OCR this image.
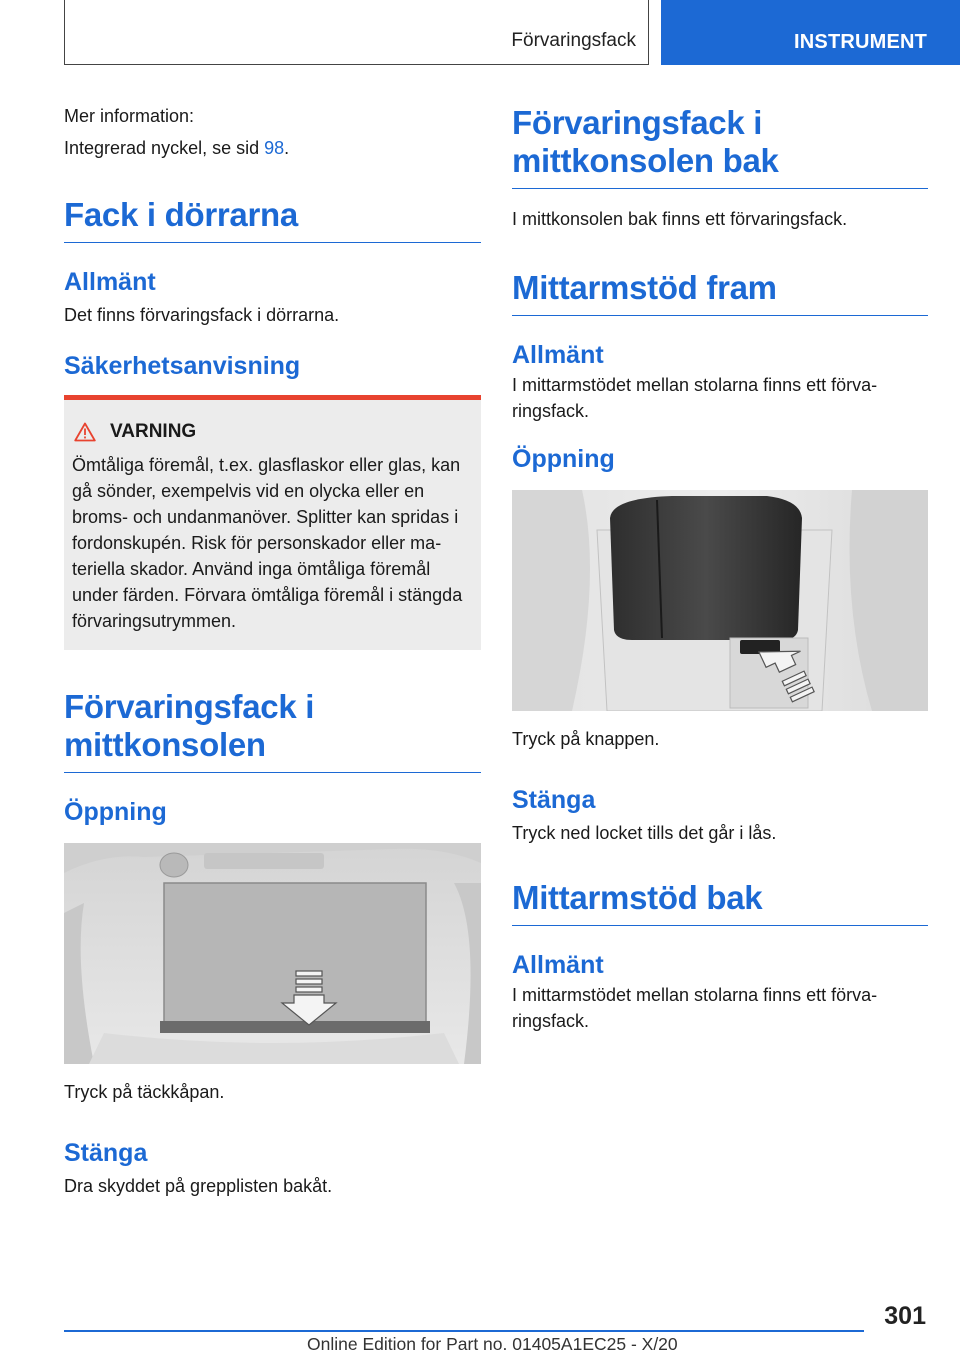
Förvaringsfack	INSTRUMENT

Mer information:

Integrerad nyckel, se sid 98.

Fack i dörrarna
Allmänt

Det finns förvaringsfack i dörrarna.

Säkerhetsanvisning
VARNING

Ömtåliga föremål, t.ex. glasflaskor eller glas, kan gå sönder, exempelvis vid en olycka eller en broms- och undanmanöver. Splitter kan spridas i fordonskupén. Risk för personskador eller materiella skador. Använd inga ömtåliga föremål under färden. Förvara ömtåliga föremål i stängda förvaringsutrymmen.

Förvaringsfack i mittkonsolen
Öppning

Tryck på täckkåpan.

Stänga

Dra skyddet på grepplisten bakåt.

Förvaringsfack i mittkonsolen bak

I mittkonsolen bak finns ett förvaringsfack.

Mittarmstöd fram
Allmänt

I mittarmstödet mellan stolarna finns ett förvaringsfack.

Öppning

Tryck på knappen.

Stänga

Tryck ned locket tills det går i lås.

Mittarmstöd bak
Allmänt

I mittarmstödet mellan stolarna finns ett förvaringsfack.

301
Online Edition for Part no. 01405A1EC25 - X/20
